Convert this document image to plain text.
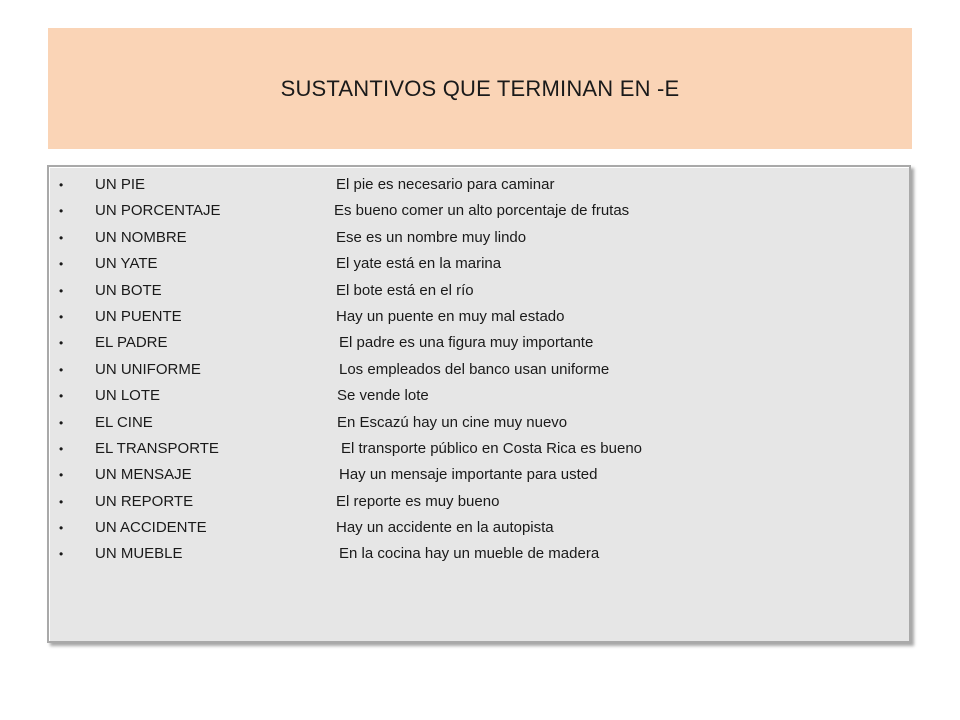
SUSTANTIVOS QUE TERMINAN EN -E
• UN PIE	El pie es necesario para caminar
• UN PORCENTAJE	Es bueno comer un alto porcentaje de frutas
• UN NOMBRE	Ese es un nombre muy lindo
• UN YATE	El yate está en la marina
• UN BOTE	El bote está en el río
• UN PUENTE	Hay un puente en muy mal estado
• EL PADRE	El padre es una figura muy importante
• UN UNIFORME	Los empleados del banco usan uniforme
• UN LOTE	Se vende lote
• EL CINE	En Escazú hay un cine muy nuevo
• EL TRANSPORTE	El transporte público en Costa Rica es bueno
• UN MENSAJE	Hay un mensaje importante para usted
• UN REPORTE	El reporte es muy bueno
• UN ACCIDENTE	Hay un accidente en la autopista
• UN MUEBLE	En la cocina hay un mueble de madera
